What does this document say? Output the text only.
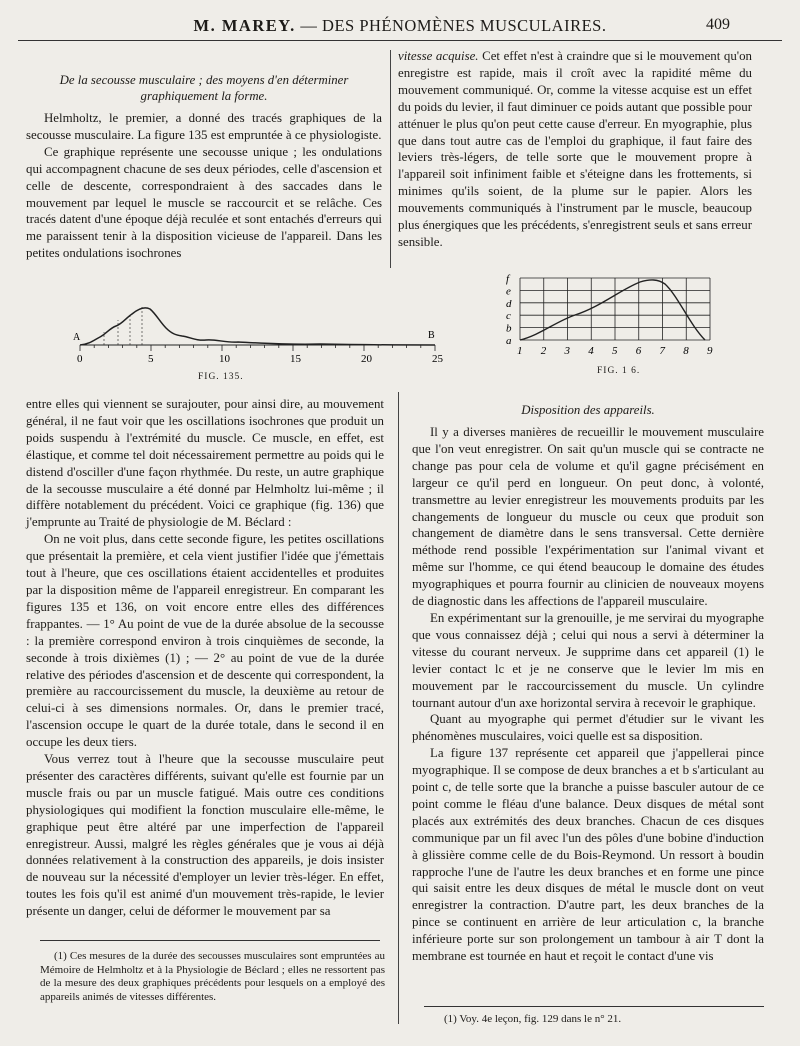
M. MAREY. — DES PHÉNOMÈNES MUSCULAIRES.	409
De la secousse musculaire ; des moyens d'en déterminer graphiquement la forme.

Helmholtz, le premier, a donné des tracés graphiques de la secousse musculaire. La figure 135 est empruntée à ce physiologiste.

Ce graphique représente une secousse unique ; les ondulations qui accompagnent chacune de ses deux périodes, celle d'ascension et celle de descente, correspondraient à des saccades dans le mouvement par lequel le muscle se raccourcit et se relâche. Ces tracés datent d'une époque déjà reculée et sont entachés d'erreurs qui me paraissent tenir à la disposition vicieuse de l'appareil. Dans les petites ondulations isochrones

vitesse acquise. Cet effet n'est à craindre que si le mouvement qu'on enregistre est rapide, mais il croît avec la rapidité même du mouvement communiqué. Or, comme la vitesse acquise est un effet du poids du levier, il faut diminuer ce poids autant que possible pour atténuer le plus qu'on peut cette cause d'erreur. En myographie, plus que dans tout autre cas de l'emploi du graphique, il faut faire des leviers très-légers, de telle sorte que le mouvement propre à l'appareil soit infiniment faible et s'éteigne dans les frottements, si minimes qu'ils soient, de la plume sur le papier. Alors les mouvements communiqués à l'instrument par le muscle, beaucoup plus énergiques que les précédents, s'enregistrent seuls et sans erreur sensible.

A	B
0	5	10	15	20	25
FIG. 135.
f
e
d
c
b
a
1 2 3 4 5 6 7 8 9
FIG. 1 6.

entre elles qui viennent se surajouter, pour ainsi dire, au mouvement général, il ne faut voir que les oscillations isochrones que produit un poids suspendu à l'extrémité du muscle. Ce muscle, en effet, est élastique, et comme tel doit nécessairement permettre au poids qui le distend d'osciller d'une façon rhythmée. Du reste, un autre graphique de la secousse musculaire a été donné par Helmholtz lui-même ; il diffère notablement du précédent. Voici ce graphique (fig. 136) que j'emprunte au Traité de physiologie de M. Béclard :

On ne voit plus, dans cette seconde figure, les petites oscillations que présentait la première, et cela vient justifier l'idée que j'émettais tout à l'heure, que ces oscillations étaient accidentelles et produites par la disposition même de l'appareil enregistreur. En comparant les figures 135 et 136, on voit encore entre elles des différences frappantes. — 1° Au point de vue de la durée absolue de la secousse : la première correspond environ à trois cinquièmes de seconde, la seconde à trois dixièmes (1) ; — 2° au point de vue de la durée relative des périodes d'ascension et de descente qui correspondent, la première au raccourcissement du muscle, la deuxième au retour de celui-ci à ses dimensions normales. Or, dans le premier tracé, l'ascension occupe le quart de la durée totale, dans le second il en occupe les deux tiers.

Vous verrez tout à l'heure que la secousse musculaire peut présenter des caractères différents, suivant qu'elle est fournie par un muscle frais ou par un muscle fatigué. Mais outre ces conditions physiologiques qui modifient la fonction musculaire elle-même, le graphique peut être altéré par une imperfection de l'appareil enregistreur. Aussi, malgré les règles générales que je vous ai déjà données relativement à la construction des appareils, je dois insister de nouveau sur la nécessité d'employer un levier très-léger. En effet, toutes les fois qu'il est animé d'un mouvement très-rapide, le levier présente un danger, celui de déformer le mouvement par sa

Disposition des appareils.

Il y a diverses manières de recueillir le mouvement musculaire que l'on veut enregistrer. On sait qu'un muscle qui se contracte ne change pas pour cela de volume et qu'il gagne précisément en largeur ce qu'il perd en longueur. On peut donc, à volonté, transmettre au levier enregistreur les mouvements produits par les changements de longueur du muscle ou ceux que produit son changement de diamètre dans le sens transversal. Cette dernière méthode rend possible l'expérimentation sur l'animal vivant et même sur l'homme, ce qui étend beaucoup le domaine des études myographiques et pourra fournir au clinicien de nouveaux moyens de diagnostic dans les affections de l'appareil musculaire.

En expérimentant sur la grenouille, je me servirai du myographe que vous connaissez déjà ; celui qui nous a servi à déterminer la vitesse du courant nerveux. Je supprime dans cet appareil (1) le levier contact lc et je ne conserve que le levier lm mis en mouvement par le raccourcissement du muscle. Un cylindre tournant autour d'un axe horizontal servira à recevoir le graphique.

Quant au myographe qui permet d'étudier sur le vivant les phénomènes musculaires, voici quelle est sa disposition.

La figure 137 représente cet appareil que j'appellerai pince myographique. Il se compose de deux branches a et b s'articulant au point c, de telle sorte que la branche a puisse basculer autour de ce point comme le fléau d'une balance. Deux disques de métal sont placés aux extrémités des deux branches. Chacun de ces disques communique par un fil avec l'un des pôles d'une bobine d'induction à glissière comme celle de du Bois-Reymond. Un ressort à boudin rapproche l'une de l'autre les deux branches et en forme une pince qui saisit entre les deux disques de métal le muscle dont on veut enregistrer la contraction. D'autre part, les deux branches de la pince se continuent en arrière de leur articulation c, la branche inférieure porte sur son prolongement un tambour à air T dont la membrane est tournée en haut et reçoit le contact d'une vis

(1) Ces mesures de la durée des secousses musculaires sont empruntées au Mémoire de Helmholtz et à la Physiologie de Béclard ; elles ne ressortent pas de la mesure des deux graphiques précédents pour lesquels on a employé des appareils animés de vitesses différentes.

(1) Voy. 4e leçon, fig. 129 dans le n° 21.
